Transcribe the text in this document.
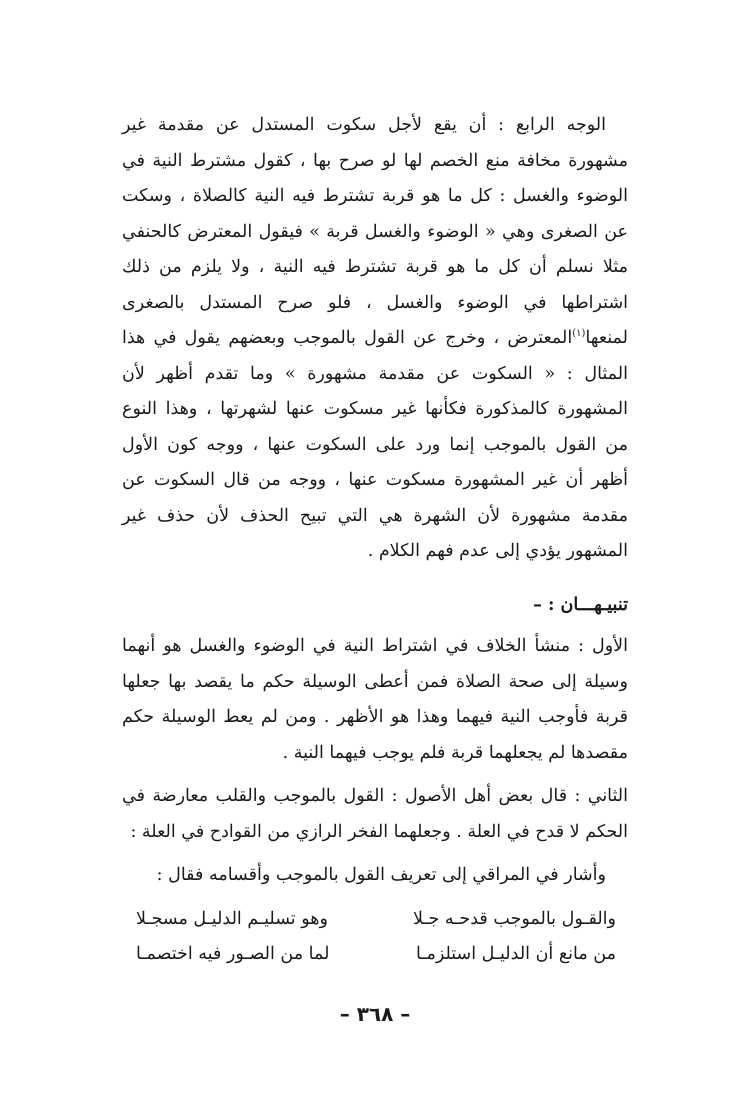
الوجه الرابع : أن يقع لأجل سكوت المستدل عن مقدمة غير مشهورة مخافة منع الخصم لها لو صرح بها ، كقول مشترط النية في الوضوء والغسل : كل ما هو قربة تشترط فيه النية كالصلاة ، وسكت عن الصغرى وهي « الوضوء والغسل قربة » فيقول المعترض كالحنفي مثلا نسلم أن كل ما هو قربة تشترط فيه النية ، ولا يلزم من ذلك اشتراطها في الوضوء والغسل ، فلو صرح المستدل بالصغرى لمنعها$^{(١)}$المعترض ، وخرج عن القول بالموجب وبعضهم يقول في هذا المثال : « السكوت عن مقدمة مشهورة » وما تقدم أظهر لأن المشهورة كالمذكورة فكأنها غير مسكوت عنها لشهرتها ، وهذا النوع من القول بالموجب إنما ورد على السكوت عنها ، ووجه كون الأول أظهر أن غير المشهورة مسكوت عنها ، ووجه من قال السكوت عن مقدمة مشهورة لأن الشهرة هي التي تبيح الحذف لأن حذف غير المشهور يؤدي إلى عدم فهم الكلام .

تنبيـهـــان : –

الأول : منشأ الخلاف في اشتراط النية في الوضوء والغسل هو أنهما وسيلة إلى صحة الصلاة فمن أعطى الوسيلة حكم ما يقصد بها جعلها قربة فأوجب النية فيهما وهذا هو الأظهر . ومن لم يعط الوسيلة حكم مقصدها لم يجعلهما قربة فلم يوجب فيهما النية .

الثاني : قال بعض أهل الأصول : القول بالموجب والقلب معارضة في الحكم لا قدح في العلة . وجعلهما الفخر الرازي من القوادح في العلة :

وأشار في المراقي إلى تعريف القول بالموجب وأقسامه فقال :

والقـول بالموجب قدحـه جـلا
وهو تسليـم الدليـل مسجـلا
من مانع أن الدليـل استلزمـا
لما من الصـور فيه اختصمـا
– ٣٦٨ –
